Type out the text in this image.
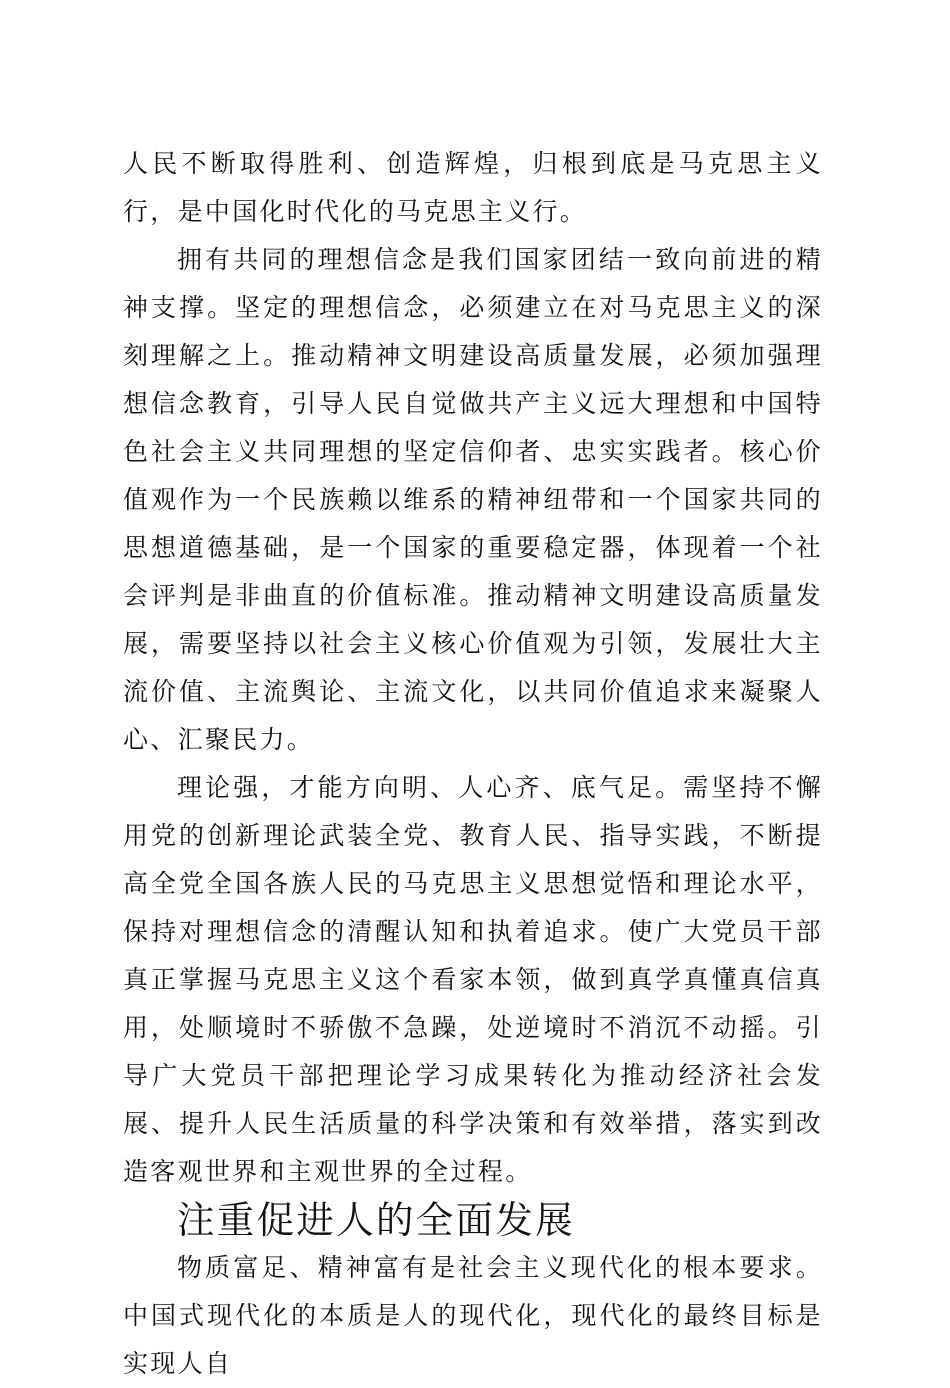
人民不断取得胜利、创造辉煌，归根到底是马克思主义行，是中国化时代化的马克思主义行。

拥有共同的理想信念是我们国家团结一致向前进的精神支撑。坚定的理想信念，必须建立在对马克思主义的深刻理解之上。推动精神文明建设高质量发展，必须加强理想信念教育，引导人民自觉做共产主义远大理想和中国特色社会主义共同理想的坚定信仰者、忠实实践者。核心价值观作为一个民族赖以维系的精神纽带和一个国家共同的思想道德基础，是一个国家的重要稳定器，体现着一个社会评判是非曲直的价值标准。推动精神文明建设高质量发展，需要坚持以社会主义核心价值观为引领，发展壮大主流价值、主流舆论、主流文化，以共同价值追求来凝聚人心、汇聚民力。

理论强，才能方向明、人心齐、底气足。需坚持不懈用党的创新理论武装全党、教育人民、指导实践，不断提高全党全国各族人民的马克思主义思想觉悟和理论水平，保持对理想信念的清醒认知和执着追求。使广大党员干部真正掌握马克思主义这个看家本领，做到真学真懂真信真用，处顺境时不骄傲不急躁，处逆境时不消沉不动摇。引导广大党员干部把理论学习成果转化为推动经济社会发展、提升人民生活质量的科学决策和有效举措，落实到改造客观世界和主观世界的全过程。

注重促进人的全面发展

物质富足、精神富有是社会主义现代化的根本要求。中国式现代化的本质是人的现代化，现代化的最终目标是实现人自
